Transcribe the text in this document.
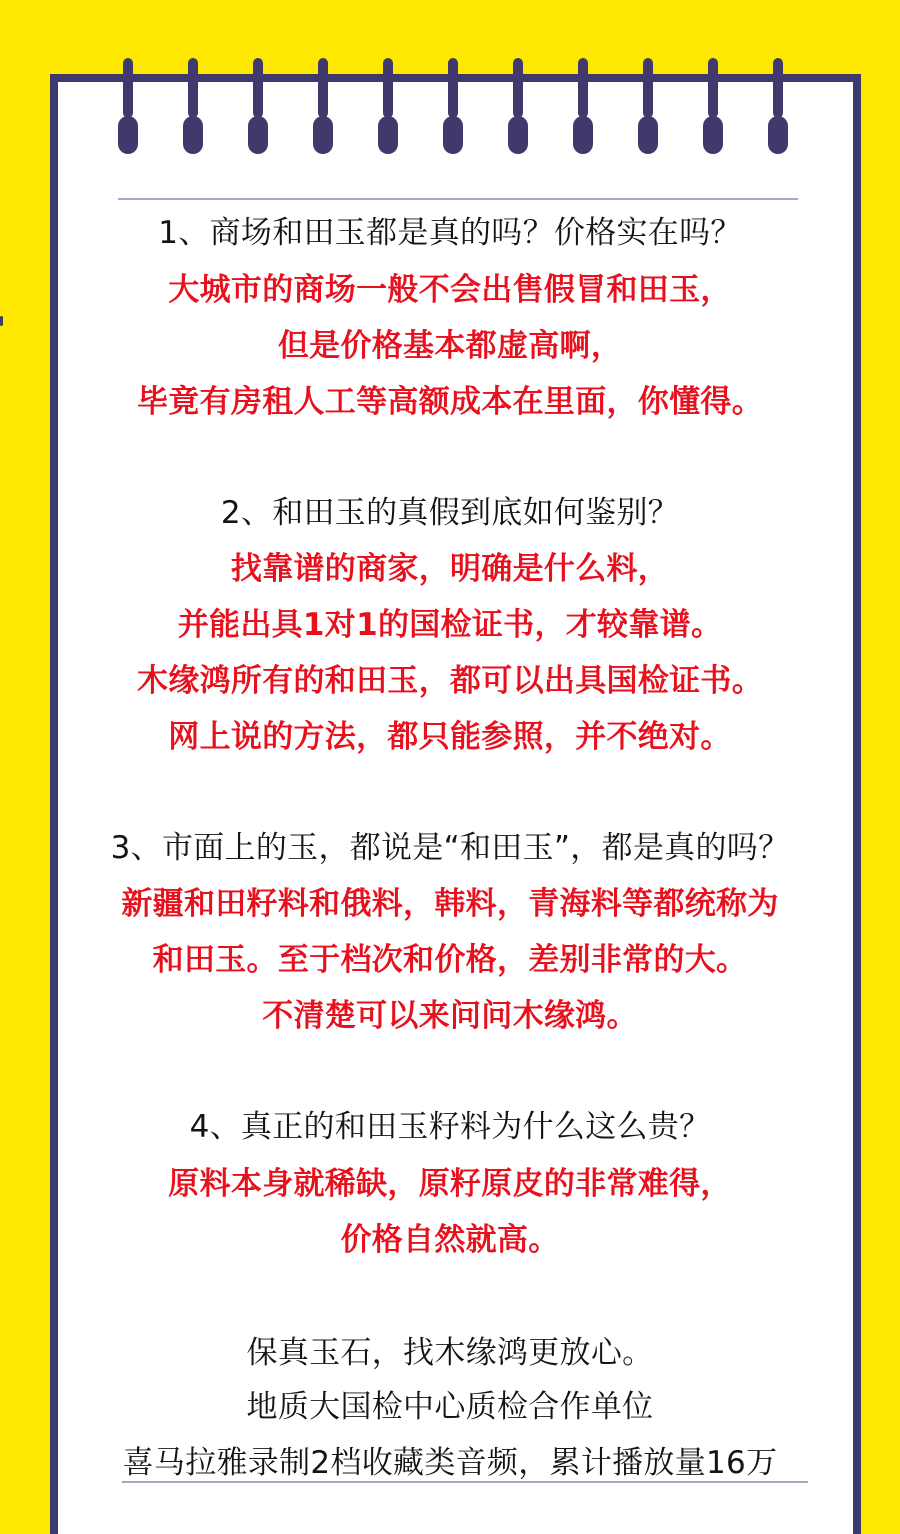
1、商场和田玉都是真的吗？价格实在吗？
大城市的商场一般不会出售假冒和田玉，
但是价格基本都虚高啊，
毕竟有房租人工等高额成本在里面，你懂得。
2、和田玉的真假到底如何鉴别？
找靠谱的商家，明确是什么料，
并能出具1对1的国检证书，才较靠谱。
木缘鸿所有的和田玉，都可以出具国检证书。
网上说的方法，都只能参照，并不绝对。
3、市面上的玉，都说是“和田玉”，都是真的吗？
新疆和田籽料和俄料，韩料，青海料等都统称为
和田玉。至于档次和价格，差别非常的大。
不清楚可以来问问木缘鸿。
4、真正的和田玉籽料为什么这么贵？
原料本身就稀缺，原籽原皮的非常难得，
价格自然就高。
保真玉石，找木缘鸿更放心。
地质大国检中心质检合作单位
喜马拉雅录制2档收藏类音频，累计播放量16万
